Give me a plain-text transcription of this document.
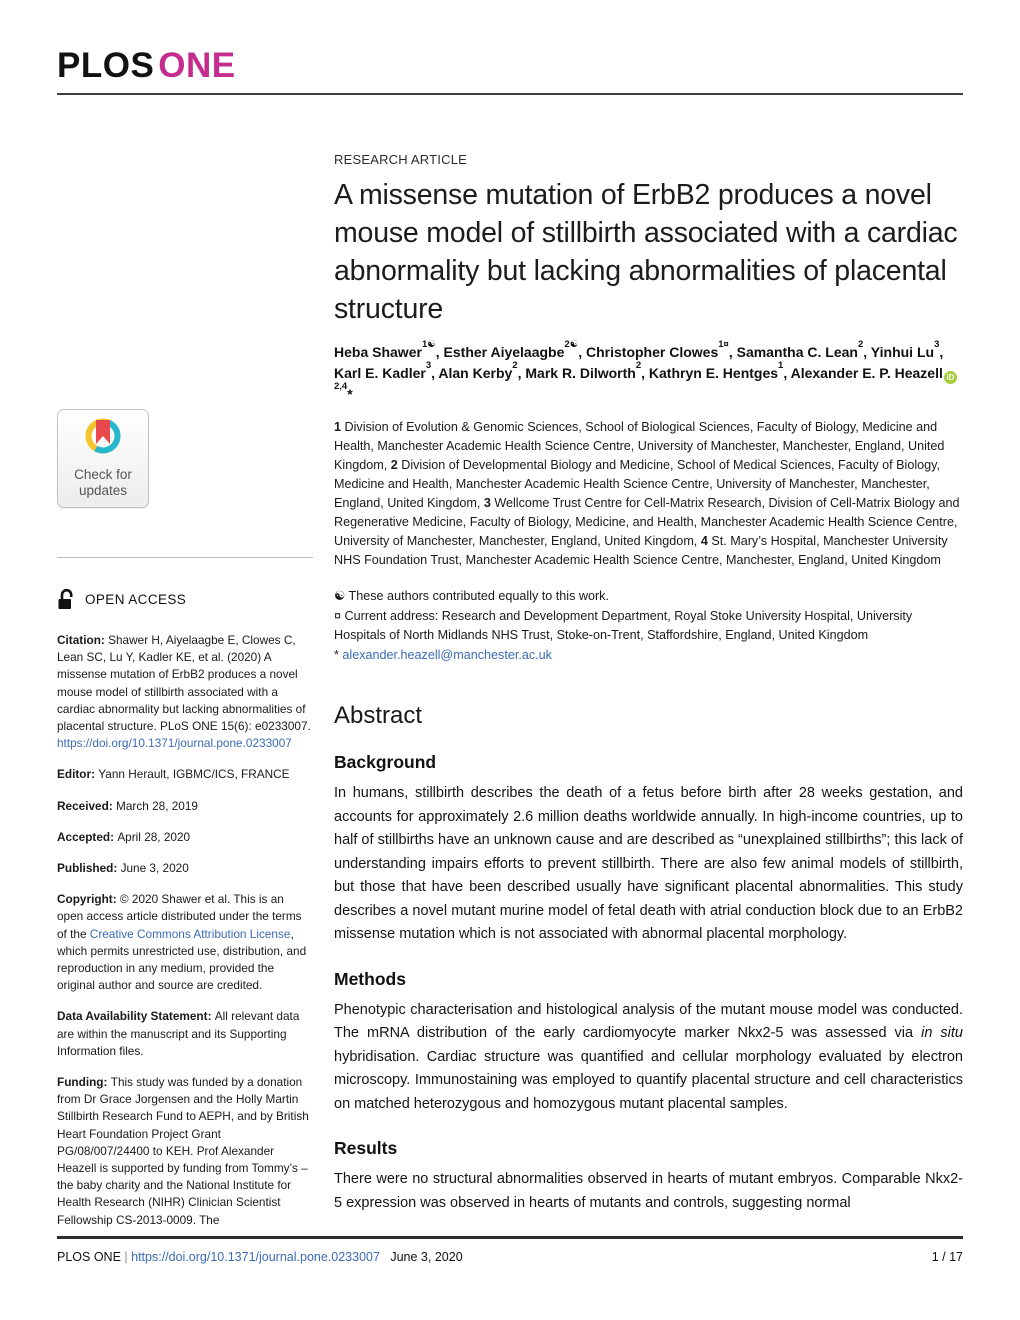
PLOS ONE
Check for
updates
OPEN ACCESS

Citation: Shawer H, Aiyelaagbe E, Clowes C, Lean SC, Lu Y, Kadler KE, et al. (2020) A missense mutation of ErbB2 produces a novel mouse model of stillbirth associated with a cardiac abnormality but lacking abnormalities of placental structure. PLoS ONE 15(6): e0233007. https://doi.org/10.1371/journal.pone.0233007

Editor: Yann Herault, IGBMC/ICS, FRANCE

Received: March 28, 2019

Accepted: April 28, 2020

Published: June 3, 2020

Copyright: © 2020 Shawer et al. This is an open access article distributed under the terms of the Creative Commons Attribution License, which permits unrestricted use, distribution, and reproduction in any medium, provided the original author and source are credited.

Data Availability Statement: All relevant data are within the manuscript and its Supporting Information files.

Funding: This study was funded by a donation from Dr Grace Jorgensen and the Holly Martin Stillbirth Research Fund to AEPH, and by British Heart Foundation Project Grant PG/08/007/24400 to KEH. Prof Alexander Heazell is supported by funding from Tommy’s – the baby charity and the National Institute for Health Research (NIHR) Clinician Scientist Fellowship CS-2013-0009. The

RESEARCH ARTICLE
A missense mutation of ErbB2 produces a novel mouse model of stillbirth associated with a cardiac abnormality but lacking abnormalities of placental structure

Heba Shawer$^{1☯}$, Esther Aiyelaagbe$^{2☯}$, Christopher Clowes$^{1¤}$, Samantha C. Lean$^2$, Yinhui Lu$^3$, Karl E. Kadler$^3$, Alan Kerby$^2$, Mark R. Dilworth$^2$, Kathryn E. Hentges$^1$, Alexander E. P. Heazell iD$^{2,4}$*

1 Division of Evolution & Genomic Sciences, School of Biological Sciences, Faculty of Biology, Medicine and Health, Manchester Academic Health Science Centre, University of Manchester, Manchester, England, United Kingdom, 2 Division of Developmental Biology and Medicine, School of Medical Sciences, Faculty of Biology, Medicine and Health, Manchester Academic Health Science Centre, University of Manchester, Manchester, England, United Kingdom, 3 Wellcome Trust Centre for Cell-Matrix Research, Division of Cell-Matrix Biology and Regenerative Medicine, Faculty of Biology, Medicine, and Health, Manchester Academic Health Science Centre, University of Manchester, Manchester, England, United Kingdom, 4 St. Mary’s Hospital, Manchester University NHS Foundation Trust, Manchester Academic Health Science Centre, Manchester, England, United Kingdom

☯ These authors contributed equally to this work.

¤ Current address: Research and Development Department, Royal Stoke University Hospital, University Hospitals of North Midlands NHS Trust, Stoke-on-Trent, Staffordshire, England, United Kingdom

* alexander.heazell@manchester.ac.uk

Abstract
Background

In humans, stillbirth describes the death of a fetus before birth after 28 weeks gestation, and accounts for approximately 2.6 million deaths worldwide annually. In high-income countries, up to half of stillbirths have an unknown cause and are described as “unexplained stillbirths”; this lack of understanding impairs efforts to prevent stillbirth. There are also few animal models of stillbirth, but those that have been described usually have significant placental abnormalities. This study describes a novel mutant murine model of fetal death with atrial conduction block due to an ErbB2 missense mutation which is not associated with abnormal placental morphology.

Methods

Phenotypic characterisation and histological analysis of the mutant mouse model was conducted. The mRNA distribution of the early cardiomyocyte marker Nkx2-5 was assessed via in situ hybridisation. Cardiac structure was quantified and cellular morphology evaluated by electron microscopy. Immunostaining was employed to quantify placental structure and cell characteristics on matched heterozygous and homozygous mutant placental samples.

Results

There were no structural abnormalities observed in hearts of mutant embryos. Comparable Nkx2-5 expression was observed in hearts of mutants and controls, suggesting normal

PLOS ONE | https://doi.org/10.1371/journal.pone.0233007   June 3, 2020	1 / 17
